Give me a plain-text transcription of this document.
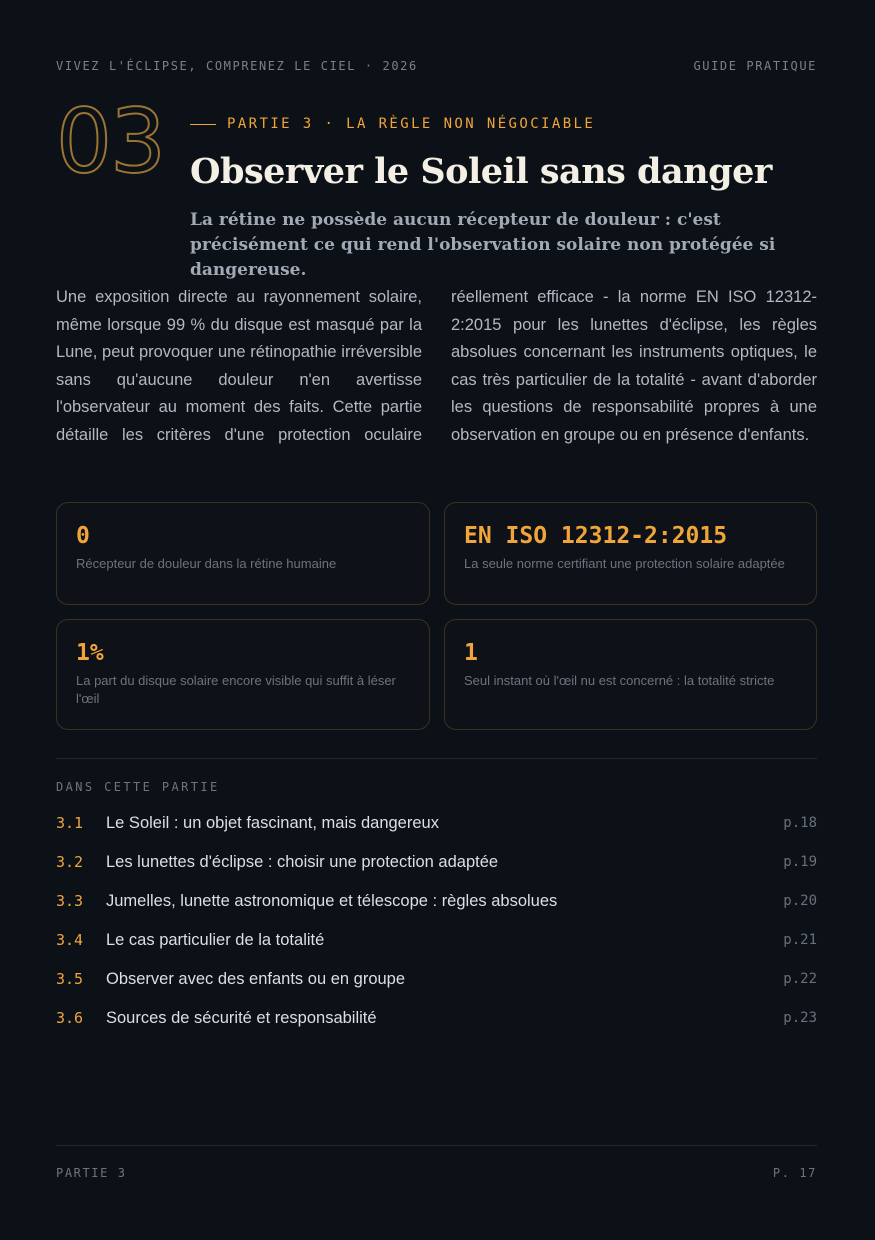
VIVEZ L'ÉCLIPSE, COMPRENEZ LE CIEL · 2026	GUIDE PRATIQUE
03	PARTIE 3 · LA RÈGLE NON NÉGOCIABLE
Observer le Soleil sans danger

La rétine ne possède aucun récepteur de douleur : c'est précisément ce qui rend l'observation solaire non protégée si dangereuse.

Une exposition directe au rayonnement solaire, même lorsque 99 % du disque est masqué par la Lune, peut provoquer une rétinopathie irréversible sans qu'aucune douleur n'en avertisse l'observateur au moment des faits. Cette partie détaille les critères d'une protection oculaire réellement efficace - la norme EN ISO 12312-2:2015 pour les lunettes d'éclipse, les règles absolues concernant les instruments optiques, le cas très particulier de la totalité - avant d'aborder les questions de responsabilité propres à une observation en groupe ou en présence d'enfants.

0
Récepteur de douleur dans la rétine humaine
EN ISO 12312-2:2015
La seule norme certifiant une protection solaire adaptée
1%
La part du disque solaire encore visible qui suffit à léser l'œil
1
Seul instant où l'œil nu est concerné : la totalité stricte
DANS CETTE PARTIE
3.1	Le Soleil : un objet fascinant, mais dangereux	p.18
3.2	Les lunettes d'éclipse : choisir une protection adaptée	p.19
3.3	Jumelles, lunette astronomique et télescope : règles absolues	p.20
3.4	Le cas particulier de la totalité	p.21
3.5	Observer avec des enfants ou en groupe	p.22
3.6	Sources de sécurité et responsabilité	p.23
PARTIE 3	P. 17
